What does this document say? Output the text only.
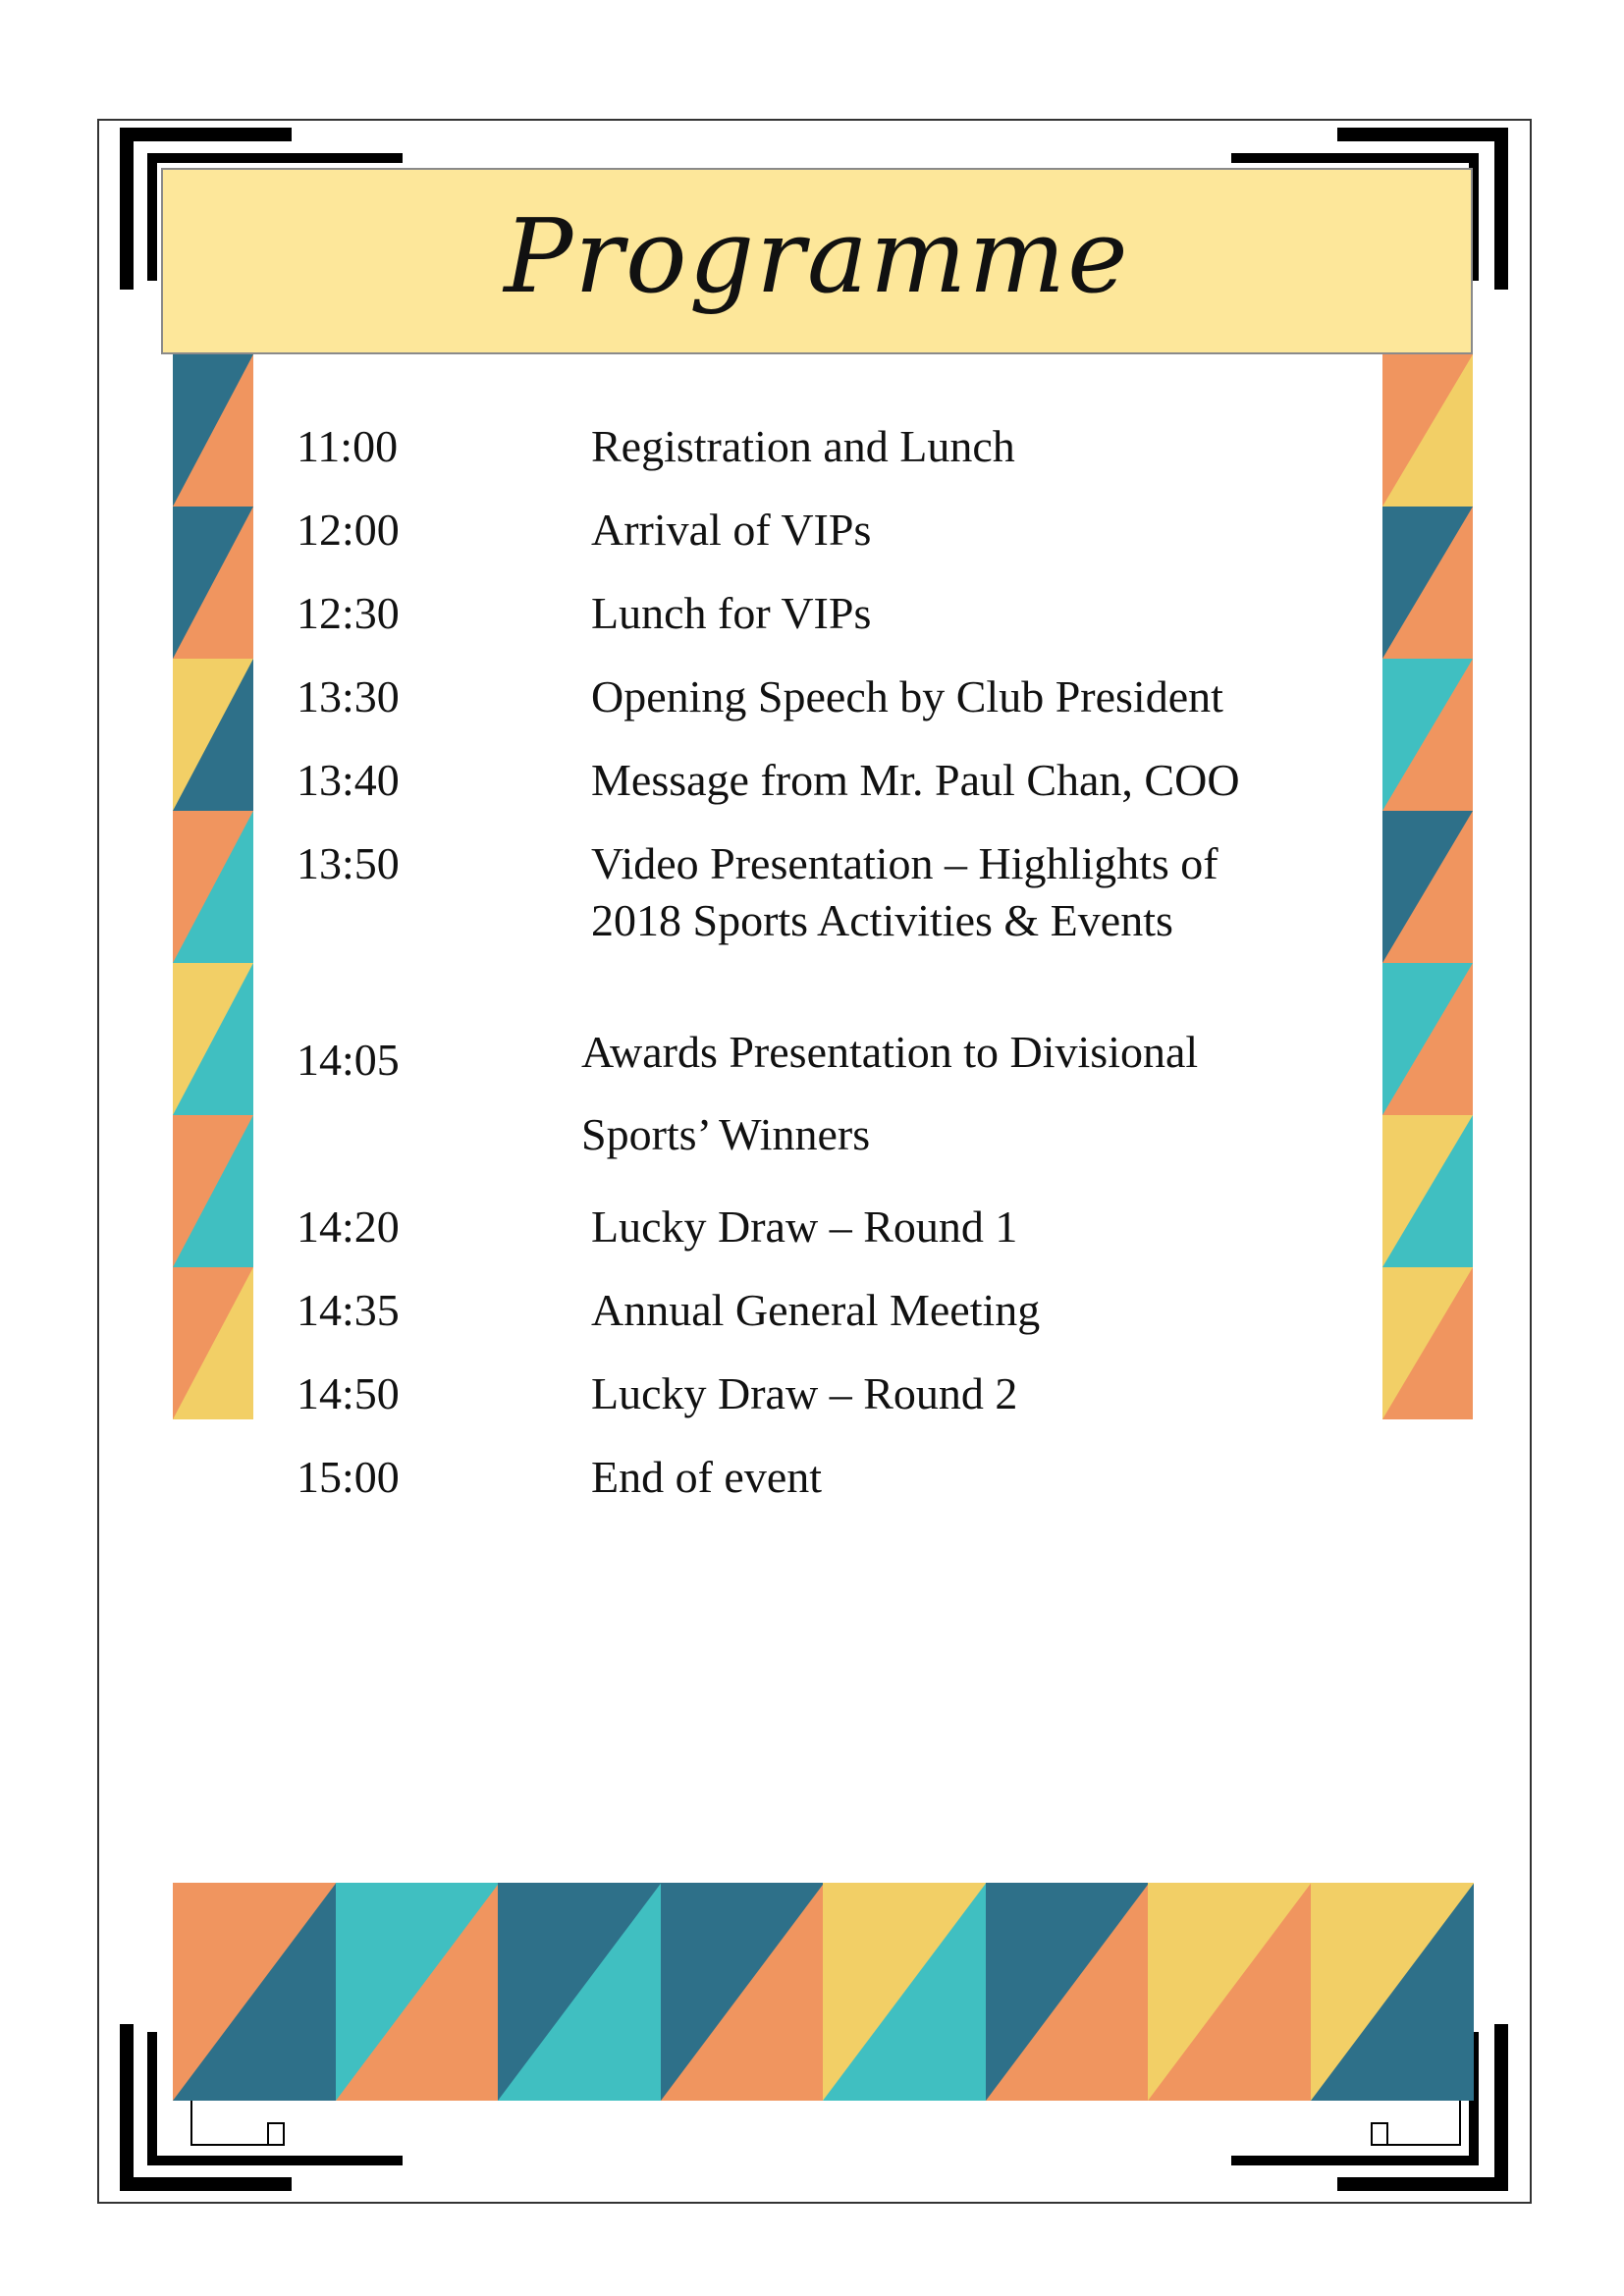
Programme
11:00	Registration and Lunch
12:00	Arrival of VIPs
12:30	Lunch for VIPs
13:30	Opening Speech by Club President
13:40	Message from Mr. Paul Chan, COO
13:50	Video Presentation – Highlights of
2018 Sports Activities & Events
14:05	Awards Presentation to Divisional

Sports’ Winners
14:20	Lucky Draw – Round 1
14:35	Annual General Meeting
14:50	Lucky Draw – Round 2
15:00	End of event
